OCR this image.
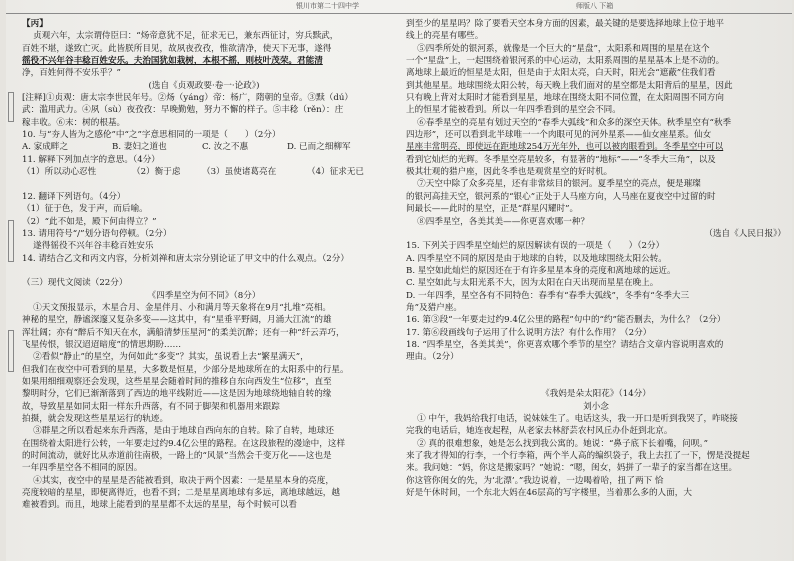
银川市第二十四中学	师版八 下箱
【丙】
贞观六年，太宗谓侍臣曰：“炀帝意犹不足，征求无已，兼东西征讨，穷兵黩武，
百姓不堪，遂致亡灭。此皆朕所目见，故夙夜孜孜，惟欲清净，使天下无事，遂得
徭役不兴年谷丰稔百姓安乐。夫治国犹如栽树，本根不摇，则枝叶茂荣。君能清
净，百姓何得不安乐乎？”
(选自《贞观政要·卷一·论政》)
[注释]①贞观：唐太宗李世民年号。②炀（yáng）帝：杨广，隋朝的皇帝。③黩（dú）
武：滥用武力。④夙（sù）夜孜孜：早晚勤勉，努力不懈的样子。⑤丰稔（rěn）：庄
稼丰收。⑥末：树的根基。
10. 与“夯人皆为之感伦”中“之”字意思相同的一项是（　　）（2分）
A. 家成畔之	B. 妻妇之道也	C. 汝之不惠	D. 已而之细柳军
11. 解释下列加点字的意思。（4分）
（1）所以动心忍性	（2）衡于虑	（3）虽使诸葛亮在	（4）征求无已

12. 翻译下列语句。（4分）
（1）征于色，发于声，而后喻。
（2）“此不如是，殿下何由得立？”
13. 请用符号“/”划分语句停顿。（2分）
遂得徭役不兴年谷丰稔百姓安乐
14. 请结合乙文和丙文内容，分析刘禅和唐太宗分别论证了甲文中的什么观点。（2分）

（三）现代文阅读（22分）
《四季星空为何不同》（8分）
①天文预报显示，木星合月、金星伴月、小和满月等天象将在9月“扎堆”亮相。
神秘的星空，静谧深邃又复杂多变——这其中，有“星垂平野阔，月涌大江流”的雄
浑壮阔；亦有“醉后不知天在水，满船清梦压星河”的柔美沉醉；还有一种“纤云弄巧，
飞星传恨，银汉迢迢暗度”的情思期盼……
②看似“静止”的星空，为何如此“多变”？其实，虽说看上去“繁星满天”，
但我们在夜空中可看到的星星，大多数是恒星，少部分是地球所在的太阳系中的行星。
如果用细细观察还会发现，这些星星会随着时间的推移自东向西发生“位移”，直至
黎明时分，它们已渐渐落到了西边的地平线附近——这是因为地球绕地轴自转的缘
故，导致星星如同太阳一样东升西落，有不同于脚架和机器用来跟踪
拍摄，就会发现这些星星运行的轨迹。
③群星之所以看起来东升西落，是由于地球自西向东的自转。除了自转，地球还
在围绕着太阳进行公转，一年要走过约9.4亿公里的路程。在这段旅程的漫途中，这样
的时间流动，就好比从赤道前往南极，一路上的“风景”当然会千变万化——这也是
一年四季星空各不相同的原因。
④其实，夜空中的星星是否能被看到，取决于两个因素：一是星星本身的亮度，
亮度较暗的星星，即便离得近，也看不到；二是星星离地球有多远，离地球越远，越
难被看到。而且，地球上能看到的星星都不太远的星星，每个时候可以看
到至少的星星吗？除了要看天空本身方面的因素，最关键的是要选择地球上位于地平
线上的亮星有哪些。
⑤四季所处的银河系，就像是一个巨大的“星盘”，太阳系和周围的星星在这个
一个“星盘”上，一起围绕着银河系的中心运动，太阳系周围的星星基本上是不动的。
离地球上最近的恒星是太阳，但是由于太阳太亮，白天时，阳光会“遮蔽”住我们看
到其他星星。地球围绕太阳公转，每天晚上我们面对的星空都是太阳背后的星星，因此
只有晚上背对太阳时才能看到星星，地球在围绕太阳不同位置，在太阳周围不同方向
上的恒星才能被看到。所以一年四季看到的星空会不同。
⑥春季星空的亮星有划过天空的“春季大弧线”和众多的深空天体。秋季星空有“秋季
四边形”，还可以看到北半球唯一一个肉眼可见的河外星系——仙女座星系。仙女
星座丰常明亮，即使远在距地球254万光年外，也可以被肉眼看到。冬季星空中可以
看到它灿烂的光辉。冬季星空亮星较多，有显著的“地标”——“冬季大三角”，以及
极其壮观的猎户座，因此冬季也是观赏星空的好时机。
⑦天空中除了众多亮星，还有非常炫目的银河。夏季星空的亮点，便是璀璨
的银河高挂天空，银河系的“银心”正处于人马座方向，人马座在夏夜空中过留的时
间最长——此时的星空，正是“群星闪耀时”。
⑧四季星空，各美其美——你更喜欢哪一种？
（选自《人民日报》）
15. 下列关于四季星空灿烂的原因解读有误的一项是（　　）（2分）
A. 四季星空不同的原因是由于地球的自转，以及地球围绕太阳公转。
B. 星空如此灿烂的原因还在于有许多星星本身的亮度和离地球的远近。
C. 星空如此与太阳光系不大，因为太阳在白天出现而星星在晚上。
D. 一年四季，星空各有不同特色：春季有“春季大弧线”，冬季有“冬季大三
角”及猎户座。
16. 第③段“一年要走过约9.4亿公里的路程”句中的“约”能否删去，为什么？（2分）
17. 第⑥段画线句子运用了什么说明方法？有什么作用？（2分）
18. “四季星空，各美其美”，你更喜欢哪个季节的星空？请结合文章内容说明喜欢的
理由。（2分）

《我妈是朵太阳花》（14分）
刘小念
① 中午，我妈给我打电话，说妹妹生了。电话这头，我一开口是听到我哭了，咋晓接
完我的电话后，她连夜起程，从老家去林舒芸农村风丘办仆赶到北京。
② 真的很难想象，她是怎么找到我公寓的。她说：“鼻子底下长着嘴，问呗。”
来了我才得知的行李，一个行李箱，两个半人高的编织袋子，我上去扛了一下，愣是没提起
来。我问她：“妈，你这是搬家吗？”她说：“嗯，闺女，妈拼了一辈子的家当都在这里。
你这管你闺女的先，为‘北漂’。”我边说着，一边喝着哈，扭了两下 恰
好是午休时间，一个东北大妈在46层高的写字楼里，当着那么多的人面，大
